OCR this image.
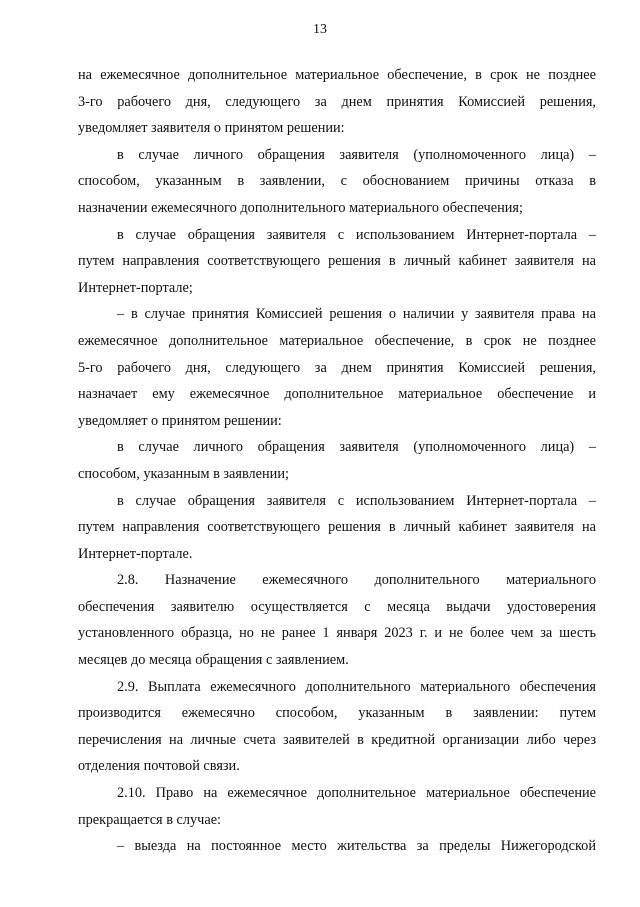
13
на ежемесячное дополнительное материальное обеспечение, в срок не позднее
3-го рабочего дня, следующего за днем принятия Комиссией решения,
уведомляет заявителя о принятом решении:
в случае личного обращения заявителя (уполномоченного лица) –
способом, указанным в заявлении, с обоснованием причины отказа в
назначении ежемесячного дополнительного материального обеспечения;
в случае обращения заявителя с использованием Интернет-портала –
путем направления соответствующего решения в личный кабинет заявителя на
Интернет-портале;
– в случае принятия Комиссией решения о наличии у заявителя права на
ежемесячное дополнительное материальное обеспечение, в срок не позднее
5-го рабочего дня, следующего за днем принятия Комиссией решения,
назначает ему ежемесячное дополнительное материальное обеспечение и
уведомляет о принятом решении:
в случае личного обращения заявителя (уполномоченного лица) –
способом, указанным в заявлении;
в случае обращения заявителя с использованием Интернет-портала –
путем направления соответствующего решения в личный кабинет заявителя на
Интернет-портале.
2.8. Назначение ежемесячного дополнительного материального
обеспечения заявителю осуществляется с месяца выдачи удостоверения
установленного образца, но не ранее 1 января 2023 г. и не более чем за шесть
месяцев до месяца обращения с заявлением.
2.9. Выплата ежемесячного дополнительного материального обеспечения
производится ежемесячно способом, указанным в заявлении: путем
перечисления на личные счета заявителей в кредитной организации либо через
отделения почтовой связи.
2.10. Право на ежемесячное дополнительное материальное обеспечение
прекращается в случае:
– выезда на постоянное место жительства за пределы Нижегородской
